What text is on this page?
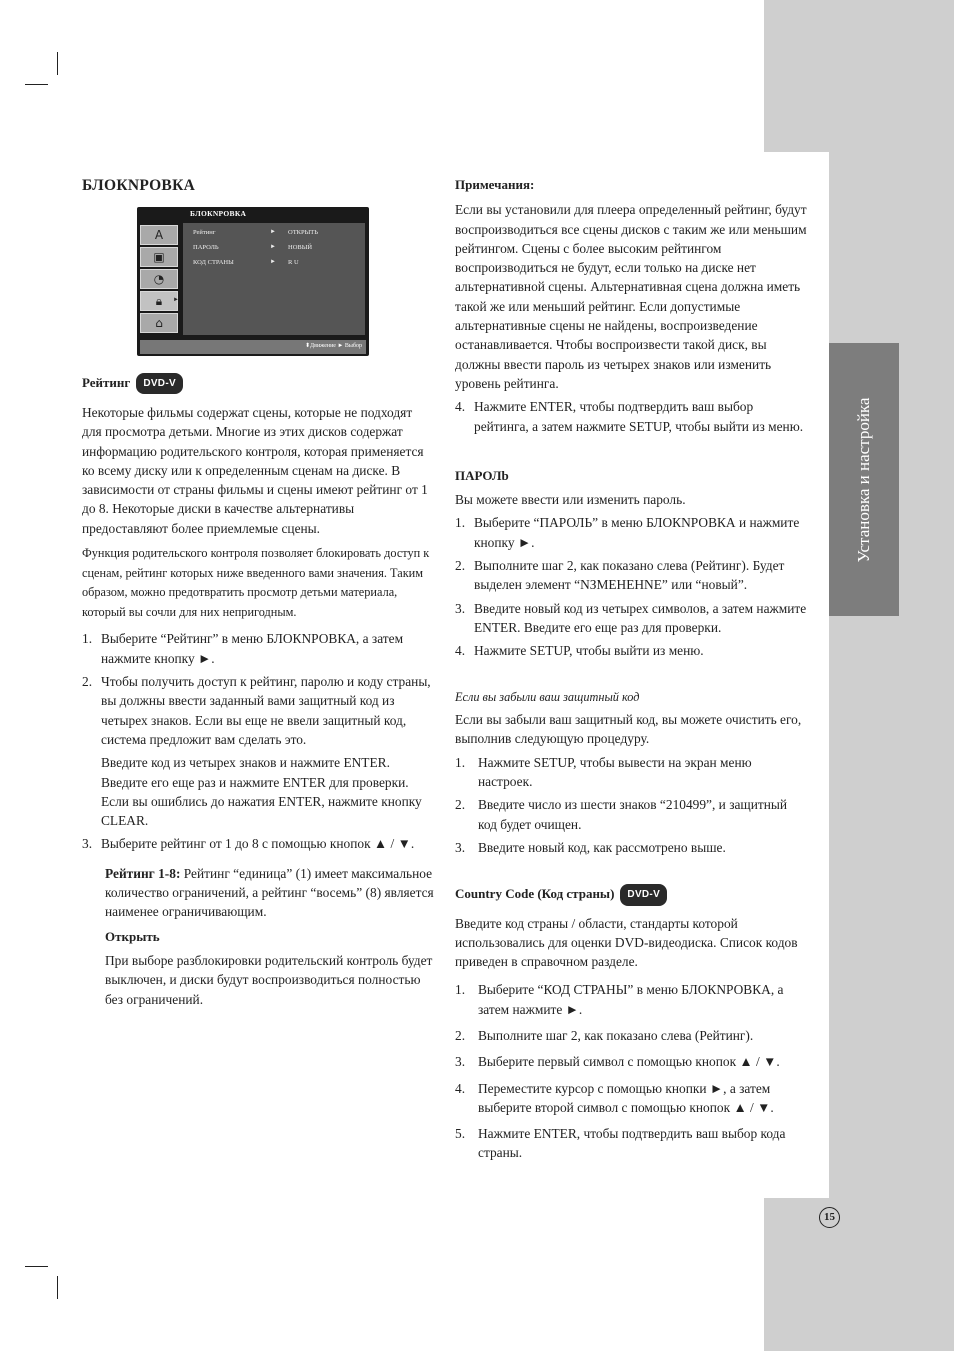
Установка и настройка
15
БЛОКNРОВКА
БЛОКNРОВКА
A
▣
◔
🔒︎	►
⌂
Рейтинг	► ОТКРЫТЬ
ПАРОЛЬ	► НОВЫЙ
КОД СТРАНЫ	► R U
⬍Движение ► Выбор
Рейтинг DVD-V

Некоторые фильмы содержат сцены, которые не подходят для просмотра детьми. Многие из этих дисков содержат информацию родительского контроля, которая применяется ко всему диску или к определенным сценам на диске. В зависимости от страны фильмы и сцены имеют рейтинг от 1 до 8. Некоторые диски в качестве альтернативы предоставляют более приемлемые сцены.

Функция родительского контроля позволяет блокировать доступ к сценам, рейтинг которых ниже введенного вами значения. Таким образом, можно предотвратить просмотр детьми материала, который вы сочли для них непригодным.

1. Выберите “Рейтинг” в меню БЛОКNРОВКА, а затем нажмите кнопку ►.
2. Чтобы получить доступ к рейтинг, паролю и коду страны, вы должны ввести заданный вами защитный код из четырех знаков. Если вы еще не ввели защитный код, система предложит вам сделать это.

Введите код из четырех знаков и нажмите ENTER. Введите его еще раз и нажмите ENTER для проверки. Если вы ошиблись до нажатия ENTER, нажмите кнопку CLEAR.

3. Выберите рейтинг от 1 до 8 с помощью кнопок ▲ / ▼.

Рейтинг 1-8: Рейтинг “единица” (1) имеет максимальное количество ограничений, а рейтинг “восемь” (8) является наименее ограничивающим.

Открыть

При выборе разблокировки родительский контроль будет выключен, и диски будут воспроизводиться полностью без ограничений.

Примечания:

Если вы установили для плеера определенный рейтинг, будут воспроизводиться все сцены дисков с таким же или меньшим рейтингом. Сцены с более высоким рейтингом воспроизводиться не будут, если только на диске нет альтернативной сцены. Альтернативная сцена должна иметь такой же или меньший рейтинг. Если допустимые альтернативные сцены не найдены, воспроизведение останавливается. Чтобы воспроизвести такой диск, вы должны ввести пароль из четырех знаков или изменить уровень рейтинга.

4. Нажмите ENTER, чтобы подтвердить ваш выбор рейтинга, а затем нажмите SETUP, чтобы выйти из меню.

ПАРОЛb

Вы можете ввести или изменить пароль.

1. Выберите “ПАРОЛЬ” в меню БЛОКNРОВКА и нажмите кнопку ►.
2. Выполните шаг 2, как показано слева (Рейтинг). Будет выделен элемент “NЗМЕНЕНNЕ” или “новый”.
3. Введите новый код из четырех символов, а затем нажмите ENTER. Введите его еще раз для проверки.
4. Нажмите SETUP, чтобы выйти из меню.

Если вы забыли ваш защитный код

Если вы забыли ваш защитный код, вы можете очистить его, выполнив следующую процедуру.

1. Нажмите SETUP, чтобы вывести на экран меню настроек.
2. Введите число из шести знаков “210499”, и защитный код будет очищен.
3. Введите новый код, как рассмотрено выше.

Country Code (Код страны) DVD-V

Введите код страны / области, стандарты которой использовались для оценки DVD-видеодиска. Список кодов приведен в справочном разделе.

1. Выберите “КОД СТРАНЫ” в меню БЛОКNРОВКА, а затем нажмите ►.
2. Выполните шаг 2, как показано слева (Рейтинг).
3. Выберите первый символ с помощью кнопок ▲ / ▼.
4. Переместите курсор с помощью кнопки ►, а затем выберите второй символ с помощью кнопок ▲ / ▼.
5. Нажмите ENTER, чтобы подтвердить ваш выбор кода страны.
